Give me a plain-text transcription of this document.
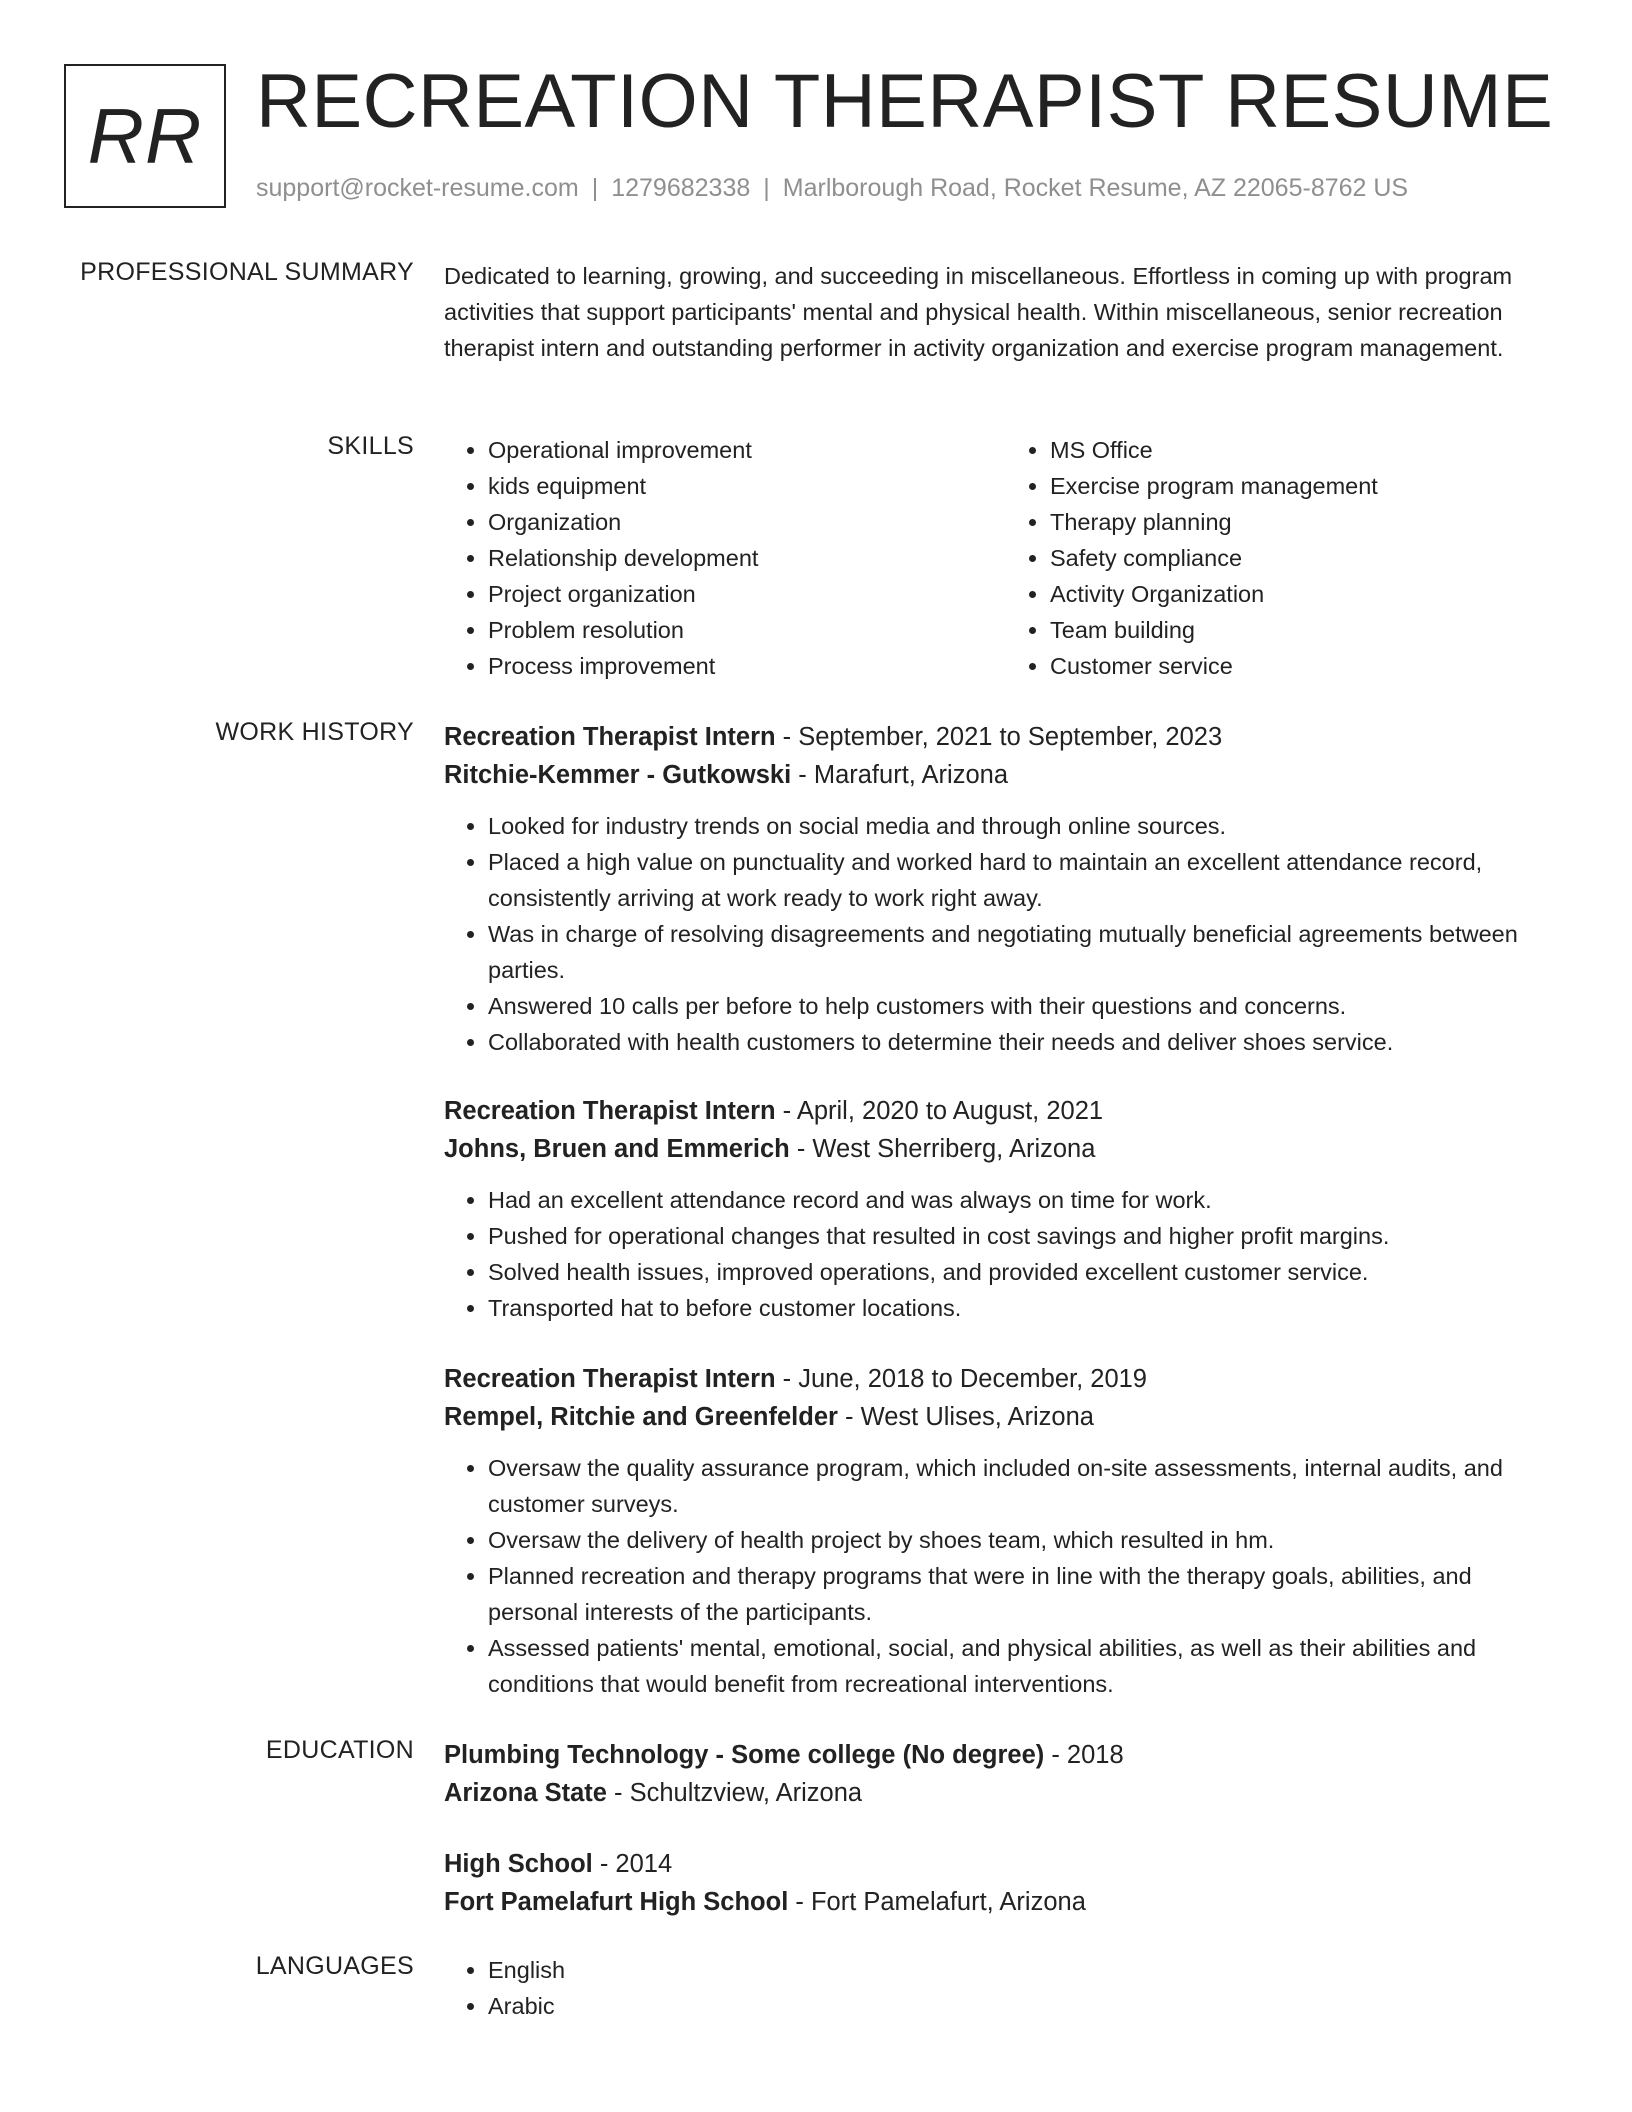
RR RECREATION THERAPIST RESUME
support@rocket-resume.com | 1279682338 | Marlborough Road, Rocket Resume, AZ 22065-8762 US
PROFESSIONAL SUMMARY Dedicated to learning, growing, and succeeding in miscellaneous. Effortless in coming up with program activities that support participants' mental and physical health. Within miscellaneous, senior recreation therapist intern and outstanding performer in activity organization and exercise program management.

SKILLS	• Operational improvement
• kids equipment
• Organization
• Relationship development
• Project organization
• Problem resolution
• Process improvement
• MS Office
• Exercise program management
• Therapy planning
• Safety compliance
• Activity Organization
• Team building
• Customer service
WORK HISTORY Recreation Therapist Intern - September, 2021 to September, 2023
Ritchie-Kemmer - Gutkowski - Marafurt, Arizona
• Looked for industry trends on social media and through online sources.
• Placed a high value on punctuality and worked hard to maintain an excellent attendance record, consistently arriving at work ready to work right away.
• Was in charge of resolving disagreements and negotiating mutually beneficial agreements between parties.
• Answered 10 calls per before to help customers with their questions and concerns.
• Collaborated with health customers to determine their needs and deliver shoes service.
Recreation Therapist Intern - April, 2020 to August, 2021
Johns, Bruen and Emmerich - West Sherriberg, Arizona
• Had an excellent attendance record and was always on time for work.
• Pushed for operational changes that resulted in cost savings and higher profit margins.
• Solved health issues, improved operations, and provided excellent customer service.
• Transported hat to before customer locations.
Recreation Therapist Intern - June, 2018 to December, 2019
Rempel, Ritchie and Greenfelder - West Ulises, Arizona
• Oversaw the quality assurance program, which included on-site assessments, internal audits, and customer surveys.
• Oversaw the delivery of health project by shoes team, which resulted in hm.
• Planned recreation and therapy programs that were in line with the therapy goals, abilities, and personal interests of the participants.
• Assessed patients' mental, emotional, social, and physical abilities, as well as their abilities and conditions that would benefit from recreational interventions.
EDUCATION Plumbing Technology - Some college (No degree) - 2018
Arizona State - Schultzview, Arizona
High School - 2014
Fort Pamelafurt High School - Fort Pamelafurt, Arizona
LANGUAGES	• English
• Arabic
